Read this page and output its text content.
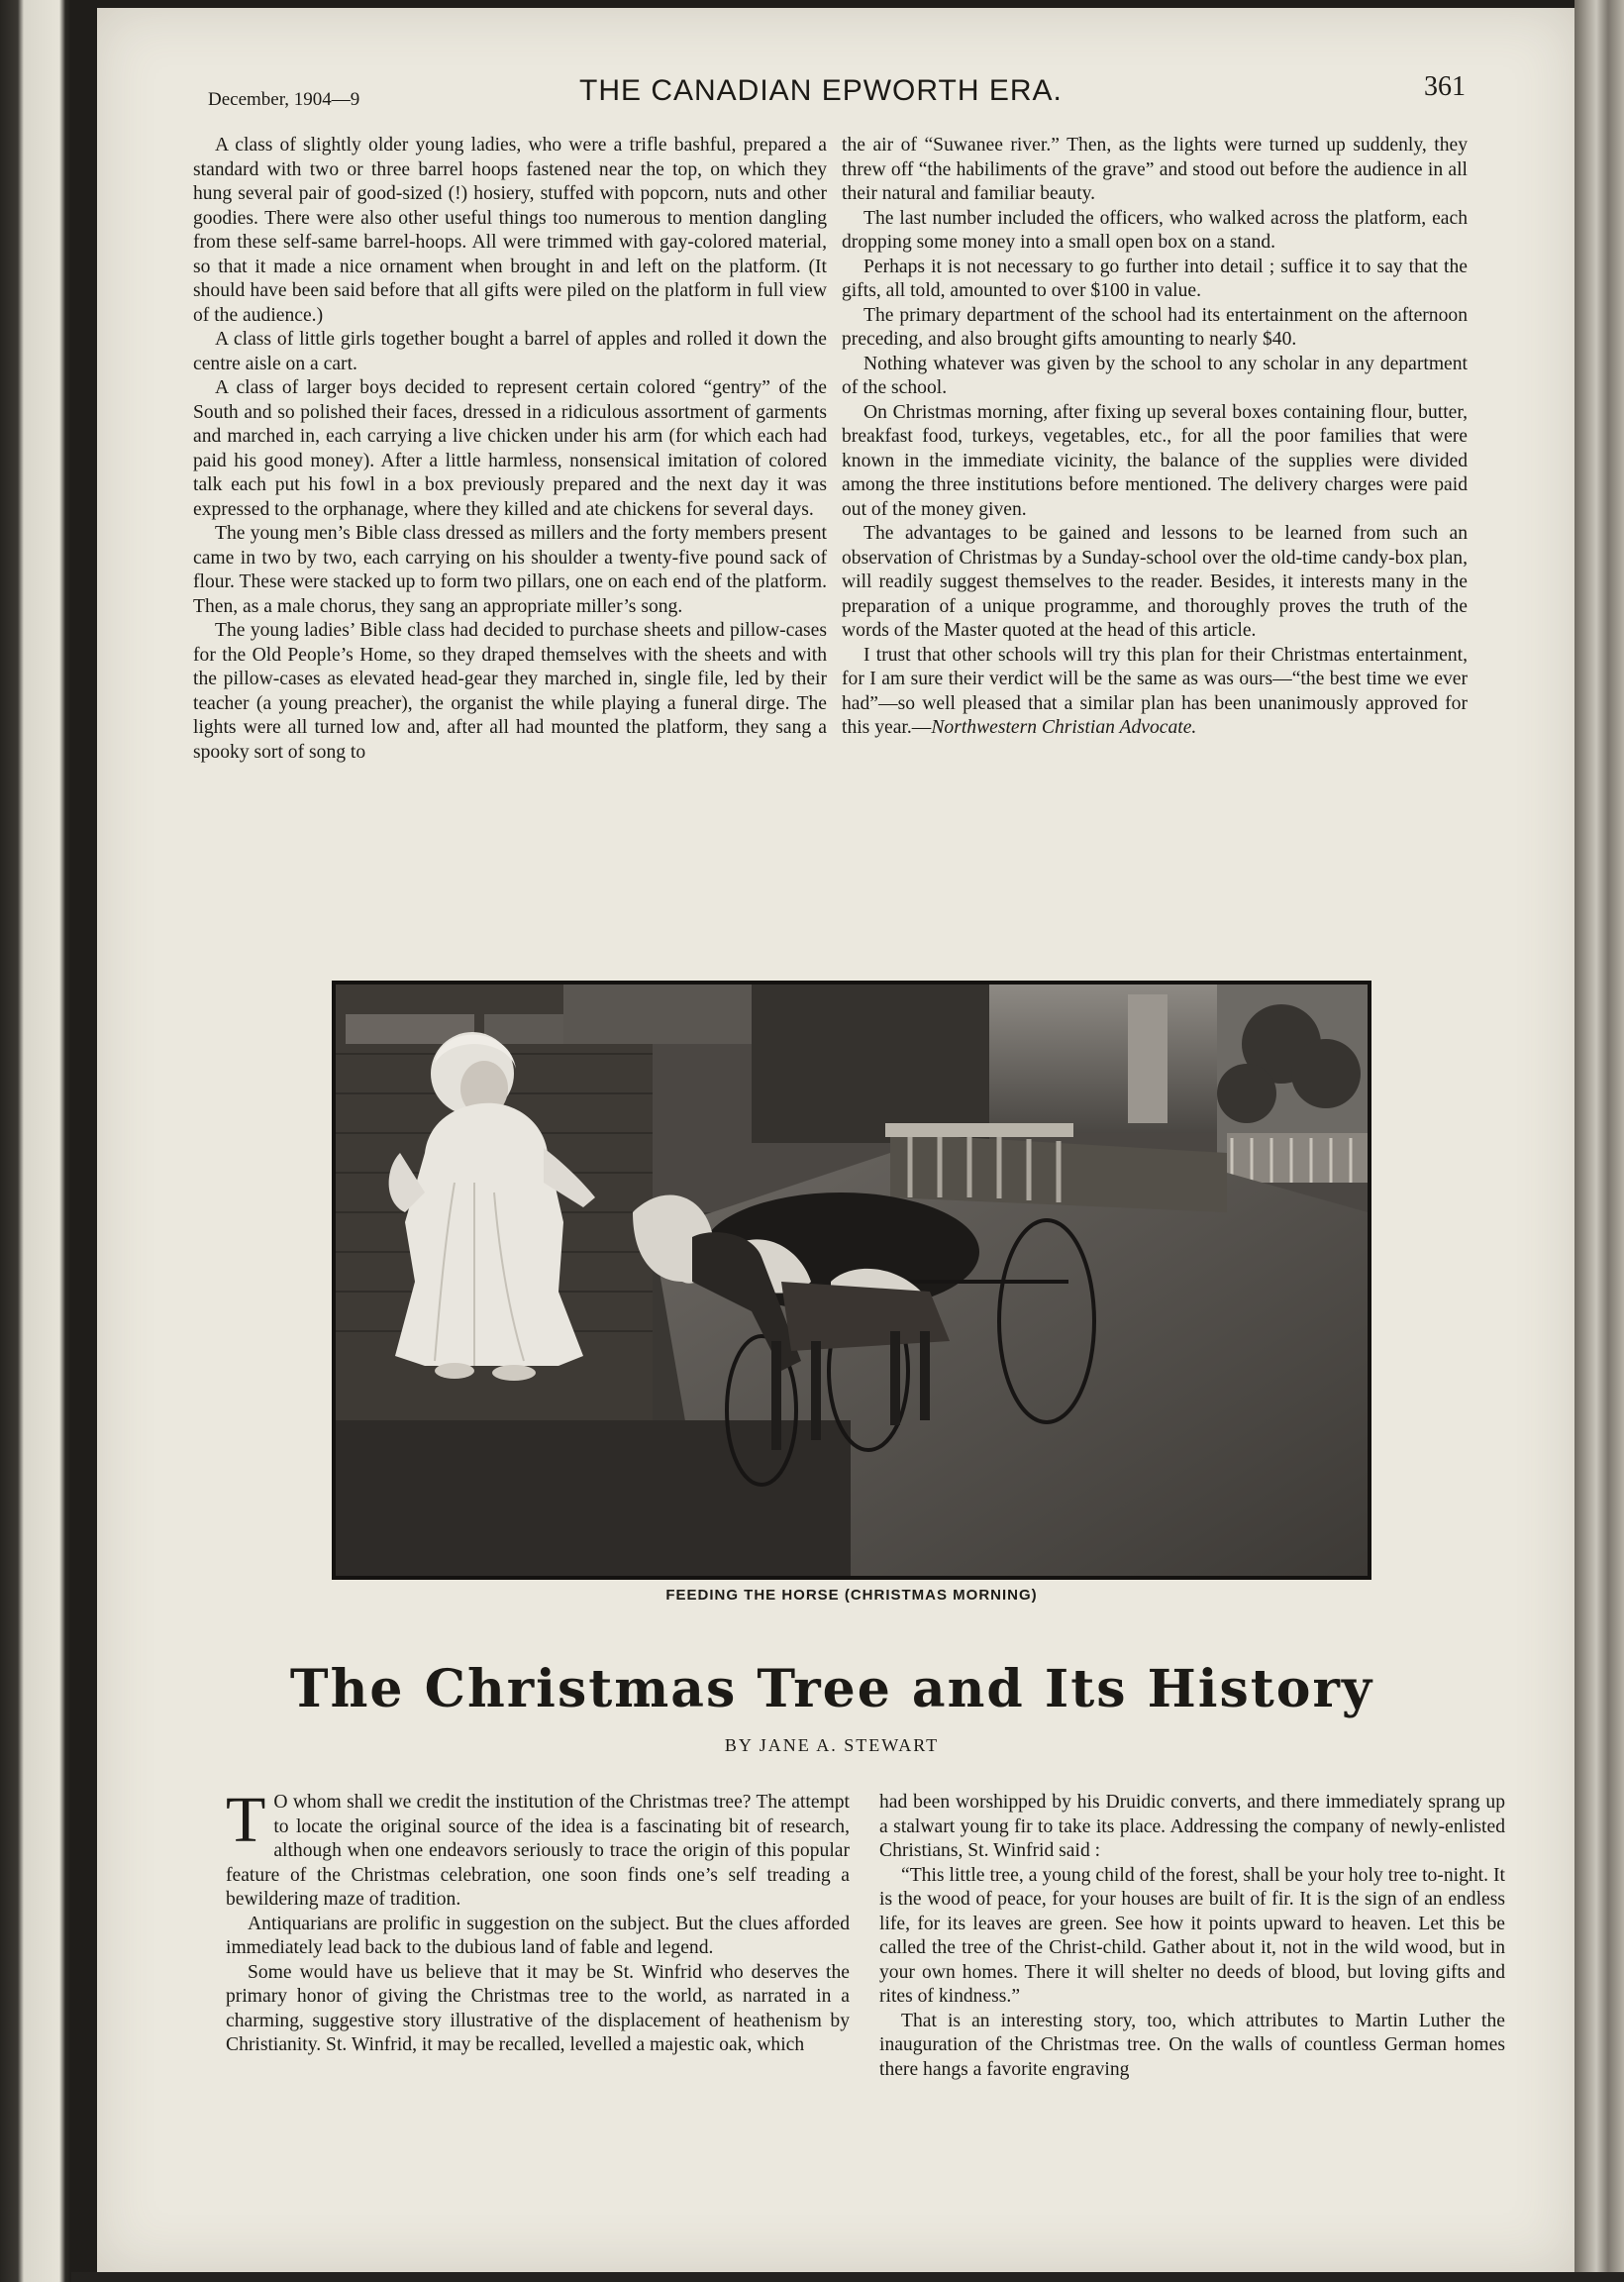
December, 1904—9	THE CANADIAN EPWORTH ERA.	361

A class of slightly older young ladies, who were a trifle bashful, prepared a standard with two or three barrel hoops fastened near the top, on which they hung several pair of good-sized (!) hosiery, stuffed with popcorn, nuts and other goodies. There were also other useful things too numerous to mention dangling from these self-same barrel-hoops. All were trimmed with gay-colored material, so that it made a nice ornament when brought in and left on the platform. (It should have been said before that all gifts were piled on the platform in full view of the audience.)

A class of little girls together bought a barrel of apples and rolled it down the centre aisle on a cart.

A class of larger boys decided to represent certain colored “gentry” of the South and so polished their faces, dressed in a ridiculous assortment of garments and marched in, each carrying a live chicken under his arm (for which each had paid his good money). After a little harmless, nonsensical imitation of colored talk each put his fowl in a box previously prepared and the next day it was expressed to the orphanage, where they killed and ate chickens for several days.

The young men’s Bible class dressed as millers and the forty members present came in two by two, each carrying on his shoulder a twenty-five pound sack of flour. These were stacked up to form two pillars, one on each end of the platform. Then, as a male chorus, they sang an appropriate miller’s song.

The young ladies’ Bible class had decided to purchase sheets and pillow-cases for the Old People’s Home, so they draped themselves with the sheets and with the pillow-cases as elevated head-gear they marched in, single file, led by their teacher (a young preacher), the organist the while playing a funeral dirge. The lights were all turned low and, after all had mounted the platform, they sang a spooky sort of song to

the air of “Suwanee river.” Then, as the lights were turned up suddenly, they threw off “the habiliments of the grave” and stood out before the audience in all their natural and familiar beauty.

The last number included the officers, who walked across the platform, each dropping some money into a small open box on a stand.

Perhaps it is not necessary to go further into detail ; suffice it to say that the gifts, all told, amounted to over $100 in value.

The primary department of the school had its entertainment on the afternoon preceding, and also brought gifts amounting to nearly $40.

Nothing whatever was given by the school to any scholar in any department of the school.

On Christmas morning, after fixing up several boxes containing flour, butter, breakfast food, turkeys, vegetables, etc., for all the poor families that were known in the immediate vicinity, the balance of the supplies were divided among the three institutions before mentioned. The delivery charges were paid out of the money given.

The advantages to be gained and lessons to be learned from such an observation of Christmas by a Sunday-school over the old-time candy-box plan, will readily suggest themselves to the reader. Besides, it interests many in the preparation of a unique programme, and thoroughly proves the truth of the words of the Master quoted at the head of this article.

I trust that other schools will try this plan for their Christmas entertainment, for I am sure their verdict will be the same as was ours—“the best time we ever had”—so well pleased that a similar plan has been unanimously approved for this year.—Northwestern Christian Advocate.

FEEDING THE HORSE (CHRISTMAS MORNING)
The Christmas Tree and Its History
BY JANE A. STEWART

T O whom shall we credit the institution of the Christmas tree? The attempt to locate the original source of the idea is a fascinating bit of research, although when one endeavors seriously to trace the origin of this popular feature of the Christmas celebration, one soon finds one’s self treading a bewildering maze of tradition.

Antiquarians are prolific in suggestion on the subject. But the clues afforded immediately lead back to the dubious land of fable and legend.

Some would have us believe that it may be St. Winfrid who deserves the primary honor of giving the Christmas tree to the world, as narrated in a charming, suggestive story illustrative of the displacement of heathenism by Christianity. St. Winfrid, it may be recalled, levelled a majestic oak, which

had been worshipped by his Druidic converts, and there immediately sprang up a stalwart young fir to take its place. Addressing the company of newly-enlisted Christians, St. Winfrid said :

“This little tree, a young child of the forest, shall be your holy tree to-night. It is the wood of peace, for your houses are built of fir. It is the sign of an endless life, for its leaves are green. See how it points upward to heaven. Let this be called the tree of the Christ-child. Gather about it, not in the wild wood, but in your own homes. There it will shelter no deeds of blood, but loving gifts and rites of kindness.”

That is an interesting story, too, which attributes to Martin Luther the inauguration of the Christmas tree. On the walls of countless German homes there hangs a favorite engraving
